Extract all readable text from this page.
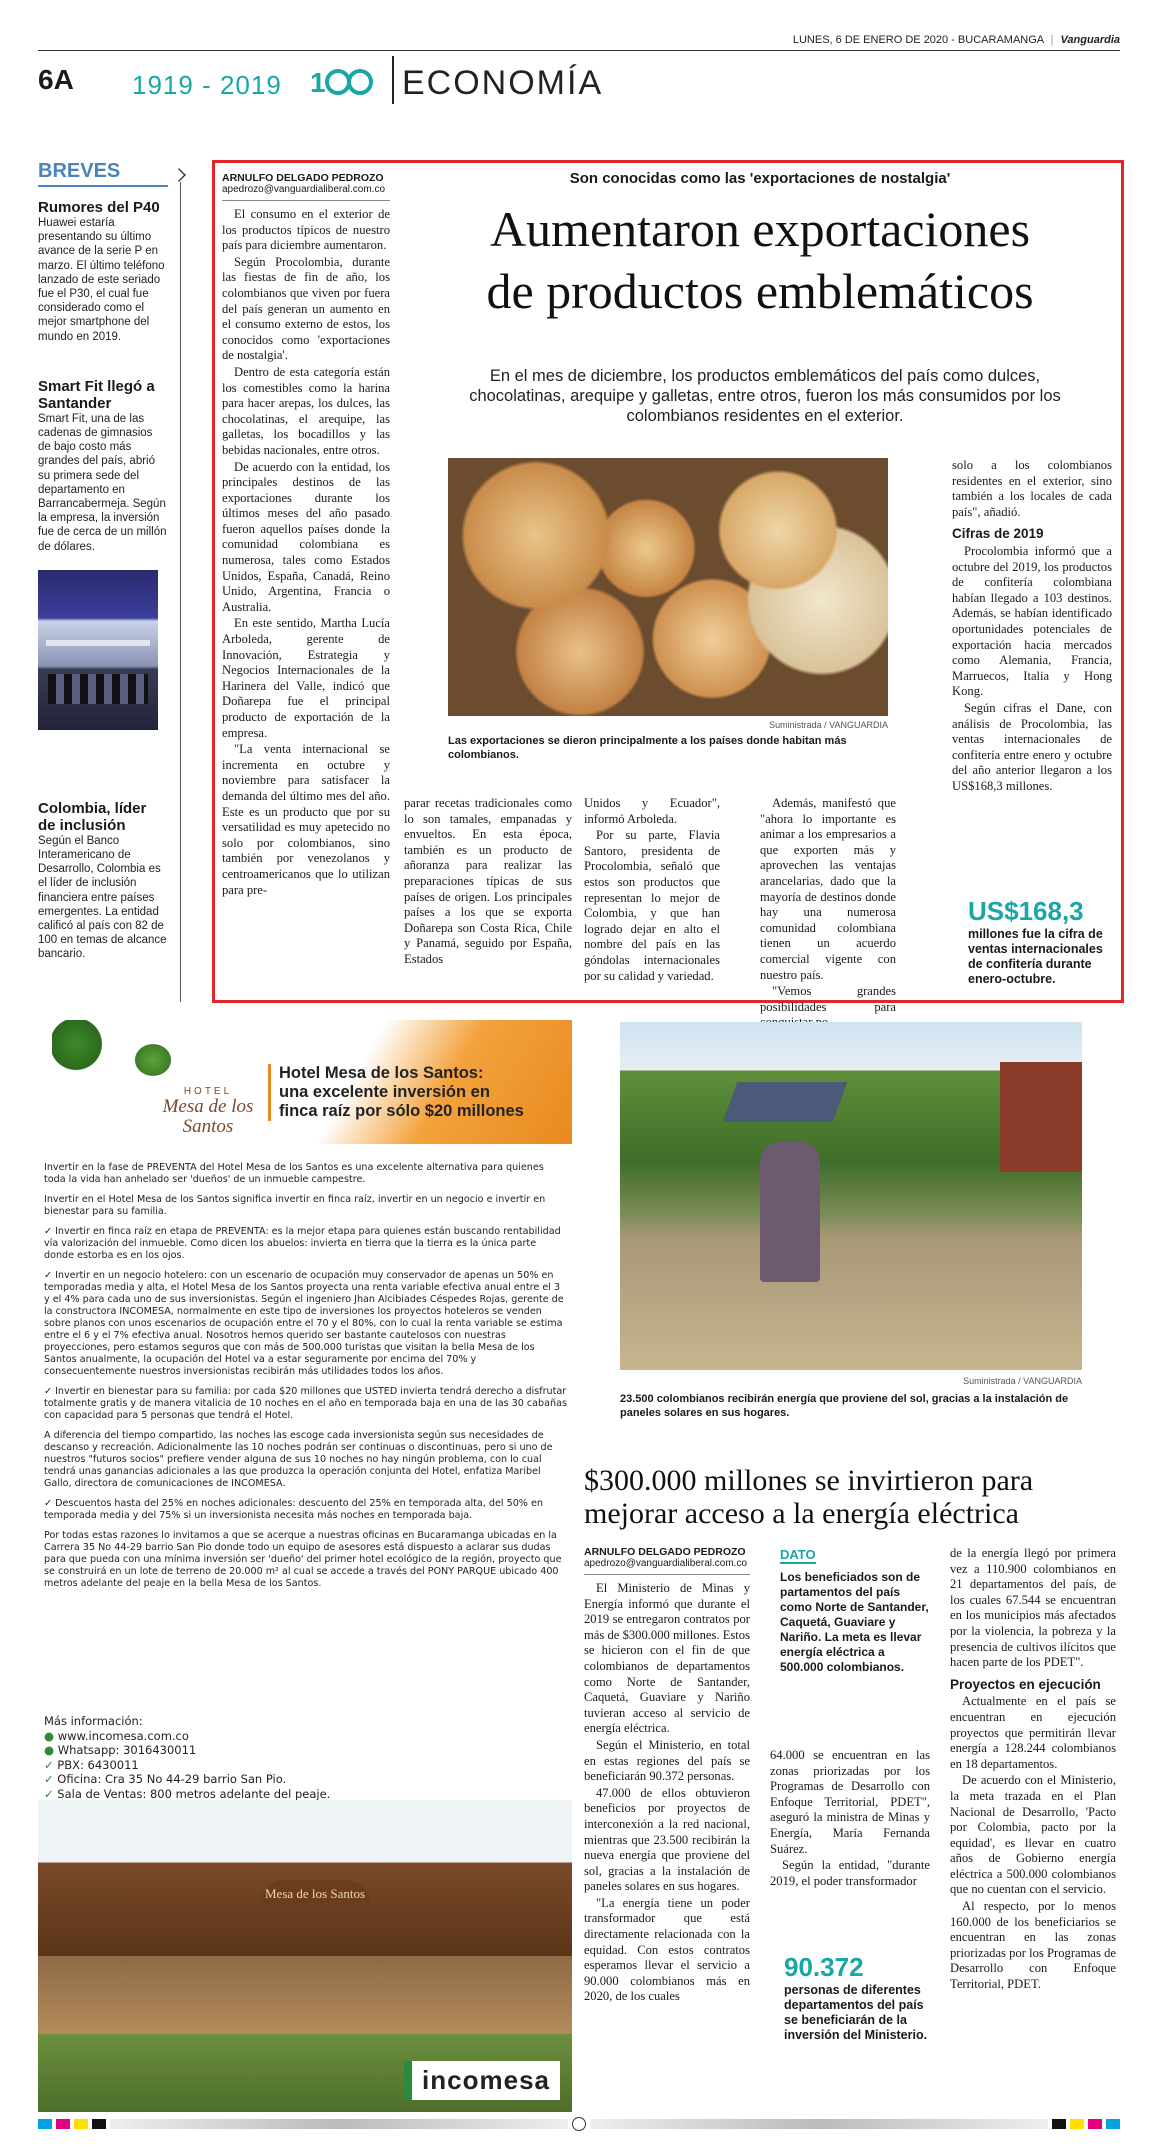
LUNES, 6 DE ENERO DE 2020 - BUCARAMANGA | Vanguardia
6A 1919 - 2019 1 ECONOMÍA
BREVES
Rumores del P40
Huawei estaría presentando su último avance de la serie P en marzo. El último teléfono lanzado de este seriado fue el P30, el cual fue considerado como el mejor smartphone del mundo en 2019.
Smart Fit llegó a Santander
Smart Fit, una de las cadenas de gimnasios de bajo costo más grandes del país, abrió su primera sede del departamento en Barrancabermeja. Según la empresa, la inversión fue de cerca de un millón de dólares.
Colombia, líder de inclusión
Según el Banco Interamericano de Desarrollo, Colombia es el líder de inclusión financiera entre países emergentes. La entidad calificó al país con 82 de 100 en temas de alcance bancario.
ARNULFO DELGADO PEDROZO
apedrozo@vanguardialiberal.com.co

El consumo en el exterior de los productos típicos de nuestro país para diciembre aumentaron.

Según Procolombia, durante las fiestas de fin de año, los colombianos que viven por fuera del país generan un aumento en el consumo externo de estos, los conocidos como 'exportaciones de nostalgia'.

Dentro de esta categoría están los comestibles como la harina para hacer arepas, los dulces, las chocolatinas, el arequipe, las galletas, los bocadillos y las bebidas nacionales, entre otros.

De acuerdo con la entidad, los principales destinos de las exportaciones durante los últimos meses del año pasado fueron aquellos países donde la comunidad colombiana es numerosa, tales como Estados Unidos, España, Canadá, Reino Unido, Argentina, Francia o Australia.

En este sentido, Martha Lucía Arboleda, gerente de Innovación, Estrategia y Negocios Internacionales de la Harinera del Valle, indicó que Doñarepa fue el principal producto de exportación de la empresa.

"La venta internacional se incrementa en octubre y noviembre para satisfacer la demanda del último mes del año. Este es un producto que por su versatilidad es muy apetecido no solo por colombianos, sino también por venezolanos y centroamericanos que lo utilizan para pre-

Son conocidas como las 'exportaciones de nostalgia'
Aumentaron exportaciones
de productos emblemáticos
En el mes de diciembre, los productos emblemáticos del país como dulces, chocolatinas, arequipe y galletas, entre otros, fueron los más consumidos por los colombianos residentes en el exterior.
Suministrada / VANGUARDIA
Las exportaciones se dieron principalmente a los países donde habitan más colombianos.

parar recetas tradicionales como lo son tamales, empanadas y envueltos. En esta época, también es un producto de añoranza para realizar las preparaciones típicas de sus países de origen. Los principales países a los que se exporta Doñarepa son Costa Rica, Chile y Panamá, seguido por España, Estados

Unidos y Ecuador", informó Arboleda.

Por su parte, Flavia Santoro, presidenta de Procolombia, señaló que estos son productos que representan lo mejor de Colombia, y que han logrado dejar en alto el nombre del país en las góndolas internacionales por su calidad y variedad.

Además, manifestó que "ahora lo importante es animar a los empresarios a que exporten más y aprovechen las ventajas arancelarias, dado que la mayoría de destinos donde hay una numerosa comunidad colombiana tienen un acuerdo comercial vigente con nuestro país.

"Vemos grandes posibilidades para

solo a los colombianos residentes en el exterior, sino también a los locales de cada país", añadió.

Cifras de 2019

Procolombia informó que a octubre del 2019, los productos de confitería colombiana habían llegado a 103 destinos. Además, se habían identificado oportunidades potenciales de exportación hacia mercados como Alemania, Francia, Marruecos, Italia y Hong Kong.

Según cifras el Dane, con análisis de Procolombia, las ventas internacionales de confitería entre enero y octubre del año anterior llegaron a los US$168,3 millones.

US$168,3
millones fue la cifra de ventas internacionales de confitería durante enero-octubre.
HOTEL
Mesa de los Santos
Hotel Mesa de los Santos:
una excelente inversión en
finca raíz por sólo $20 millones

Invertir en la fase de PREVENTA del Hotel Mesa de los Santos es una excelente alternativa para quienes toda la vida han anhelado ser 'dueños' de un inmueble campestre.

Invertir en el Hotel Mesa de los Santos significa invertir en finca raíz, invertir en un negocio e invertir en bienestar para su familia.

✓ Invertir en finca raíz en etapa de PREVENTA: es la mejor etapa para quienes están buscando rentabilidad vía valorización del inmueble. Como dicen los abuelos: invierta en tierra que la tierra es la única parte donde estorba es en los ojos.

✓ Invertir en un negocio hotelero: con un escenario de ocupación muy conservador de apenas un 50% en temporadas media y alta, el Hotel Mesa de los Santos proyecta una renta variable efectiva anual entre el 3 y el 4% para cada uno de sus inversionistas. Según el ingeniero Jhan Alcibiades Céspedes Rojas, gerente de la constructora INCOMESA, normalmente en este tipo de inversiones los proyectos hoteleros se venden sobre planos con unos escenarios de ocupación entre el 70 y el 80%, con lo cual la renta variable se estima entre el 6 y el 7% efectiva anual. Nosotros hemos querido ser bastante cautelosos con nuestras proyecciones, pero estamos seguros que con más de 500.000 turistas que visitan la bella Mesa de los Santos anualmente, la ocupación del Hotel va a estar seguramente por encima del 70% y consecuentemente nuestros inversionistas recibirán más utilidades todos los años.

✓ Invertir en bienestar para su familia: por cada $20 millones que USTED invierta tendrá derecho a disfrutar totalmente gratis y de manera vitalicia de 10 noches en el año en temporada baja en una de las 30 cabañas con capacidad para 5 personas que tendrá el Hotel.

A diferencia del tiempo compartido, las noches las escoge cada inversionista según sus necesidades de descanso y recreación. Adicionalmente las 10 noches podrán ser continuas o discontinuas, pero si uno de nuestros "futuros socios" prefiere vender alguna de sus 10 noches no hay ningún problema, con lo cual tendrá unas ganancias adicionales a las que produzca la operación conjunta del Hotel, enfatiza Maribel Gallo, directora de comunicaciones de INCOMESA.

✓ Descuentos hasta del 25% en noches adicionales: descuento del 25% en temporada alta, del 50% en temporada media y del 75% si un inversionista necesita más noches en temporada baja.

Por todas estas razones lo invitamos a que se acerque a nuestras oficinas en Bucaramanga ubicadas en la Carrera 35 No 44-29 barrio San Pio donde todo un equipo de asesores está dispuesto a aclarar sus dudas para que pueda con una mínima inversión ser 'dueño' del primer hotel ecológico de la región, proyecto que se construirá en un lote de terreno de 20.000 m² al cual se accede a través del PONY PARQUE ubicado 400 metros adelante del peaje en la bella Mesa de los Santos.

Más información:
● www.incomesa.com.co
● Whatsapp: 3016430011
✓ PBX: 6430011
✓ Oficina: Cra 35 No 44-29 barrio San Pio.
✓ Sala de Ventas: 800 metros adelante del peaje.
Mesa de los Santos
incomesa
Suministrada / VANGUARDIA
23.500 colombianos recibirán energía que proviene del sol, gracias a la instalación de paneles solares en sus hogares.
$300.000 millones se invirtieron para
mejorar acceso a la energía eléctrica
ARNULFO DELGADO PEDROZO
apedrozo@vanguardialiberal.com.co

El Ministerio de Minas y Energía informó que durante el 2019 se entregaron contratos por más de $300.000 millones. Estos se hicieron con el fin de que colombianos de departamentos como Norte de Santander, Caquetá, Guaviare y Nariño tuvieran acceso al servicio de energía eléctrica.

Según el Ministerio, en total en estas regiones del país se beneficiarán 90.372 personas.

47.000 de ellos obtuvieron beneficios por proyectos de interconexión a la red nacional, mientras que 23.500 recibirán la nueva energía que proviene del sol, gracias a la instalación de paneles solares en sus hogares.

"La energía tiene un poder transformador que está directamente relacionada con la equidad. Con estos contratos esperamos llevar el servicio a 90.000 colombianos más en 2020, de los cuales

DATO
Los beneficiados son de partamentos del país como Norte de Santander, Caquetá, Guaviare y Nariño. La meta es llevar energía eléctrica a 500.000 colombianos.

64.000 se encuentran en las zonas priorizadas por los Programas de Desarrollo con Enfoque Territorial, PDET", aseguró la ministra de Minas y Energía, María Fernanda Suárez.

Según la entidad, "durante 2019, el poder transformador

90.372
personas de diferentes departamentos del país se beneficiarán de la inversión del Ministerio.

de la energía llegó por primera vez a 110.900 colombianos en 21 departamentos del país, de los cuales 67.544 se encuentran en los municipios más afectados por la violencia, la pobreza y la presencia de cultivos ilícitos que hacen parte de los PDET".

Proyectos en ejecución

Actualmente en el país se encuentran en ejecución proyectos que permitirán llevar energía a 128.244 colombianos en 18 departamentos.

De acuerdo con el Ministerio, la meta trazada en el Plan Nacional de Desarrollo, 'Pacto por Colombia, pacto por la equidad', es llevar en cuatro años de Gobierno energía eléctrica a 500.000 colombianos que no cuentan con el servicio.

Al respecto, por lo menos 160.000 de los beneficiarios se encuentran en las zonas priorizadas por los Programas de Desarrollo con Enfoque Territorial, PDET.
